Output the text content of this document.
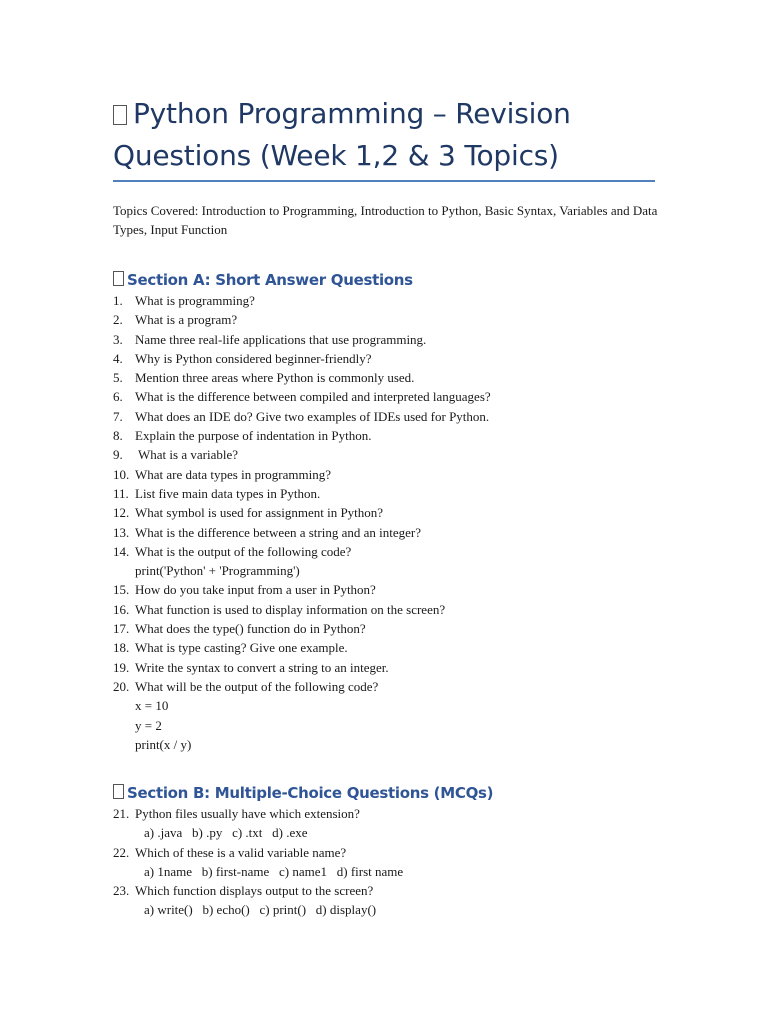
Python Programming – Revision Questions (Week 1,2 & 3 Topics)

Topics Covered: Introduction to Programming, Introduction to Python, Basic Syntax, Variables and Data Types, Input Function

Section A: Short Answer Questions
1. What is programming?
2. What is a program?
3. Name three real-life applications that use programming.
4. Why is Python considered beginner-friendly?
5. Mention three areas where Python is commonly used.
6. What is the difference between compiled and interpreted languages?
7. What does an IDE do? Give two examples of IDEs used for Python.
8. Explain the purpose of indentation in Python.
9. What is a variable?
10. What are data types in programming?
11. List five main data types in Python.
12. What symbol is used for assignment in Python?
13. What is the difference between a string and an integer?
14. What is the output of the following code?
print('Python' + 'Programming')
15. How do you take input from a user in Python?
16. What function is used to display information on the screen?
17. What does the type() function do in Python?
18. What is type casting? Give one example.
19. Write the syntax to convert a string to an integer.
20. What will be the output of the following code?
x = 10
y = 2
print(x / y)
Section B: Multiple-Choice Questions (MCQs)
21. Python files usually have which extension?
a) .java   b) .py   c) .txt   d) .exe
22. Which of these is a valid variable name?
a) 1name   b) first-name   c) name1   d) first name
23. Which function displays output to the screen?
a) write()   b) echo()   c) print()   d) display()
